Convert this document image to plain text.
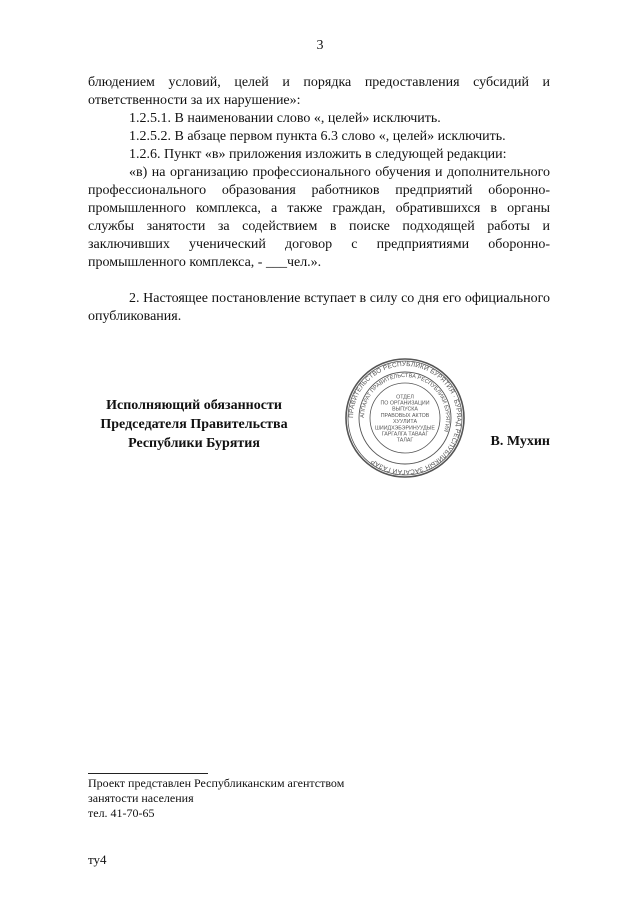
3

блюдением условий, целей и порядка предоставления субсидий и ответственности за их нарушение»:

1.2.5.1. В наименовании слово «, целей» исключить.

1.2.5.2. В абзаце первом пункта 6.3 слово «, целей» исключить.

1.2.6. Пункт «в» приложения изложить в следующей редакции:

«в) на организацию профессионального обучения и дополнительного профессионального образования работников предприятий оборонно-промышленного комплекса, а также граждан, обратившихся в органы службы занятости за содействием в поиске подходящей работы и заключивших ученический договор с предприятиями оборонно-промышленного комплекса, - ___чел.».

2. Настоящее постановление вступает в силу со дня его официального опубликования.

Исполняющий обязанности
Председателя Правительства
Республики Бурятия	В. Мухин
ПРАВИТЕЛЬСТВО РЕСПУБЛИКИ БУРЯТИЯ · БУРЯАД РЕСПУБЛИКЫН ЗАСАГАЙ ГАЗАР
АППАРАТ ПРАВИТЕЛЬСТВА РЕСПУБЛИКИ БУРЯТИЯ
ОТДЕЛ
ПО ОРГАНИЗАЦИИ
ВЫПУСКА
ПРАВОВЫХ АКТОВ
ХУУЛИТА
ШИИДХЭБЭРИНУУДЫЕ
ГАРГАЛГА ТАВААГ
ТАЛАГ
Проект представлен Республиканским агентством
занятости населения
тел. 41-70-65
ту4
